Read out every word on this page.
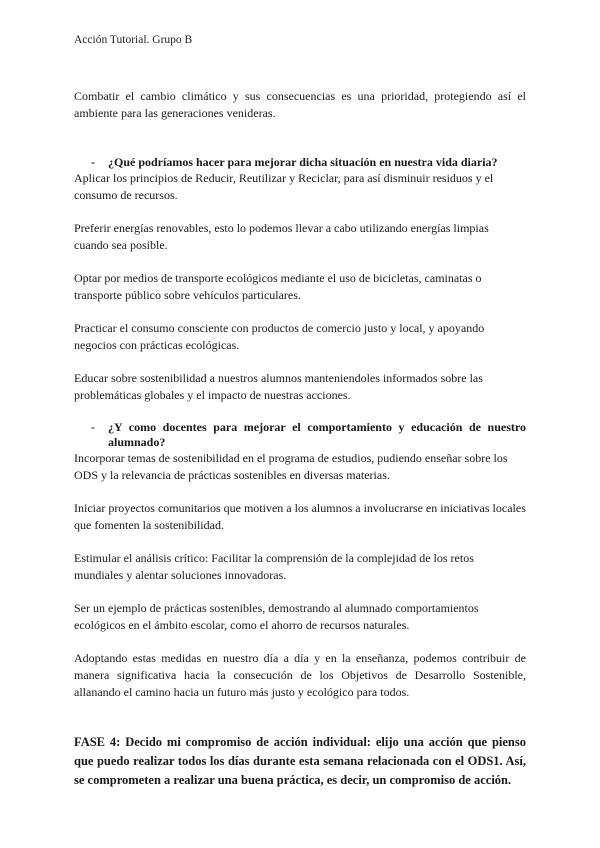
Acción Tutorial. Grupo B

Combatir el cambio climático y sus consecuencias es una prioridad, protegiendo así el ambiente para las generaciones venideras.

-	¿Qué podríamos hacer para mejorar dicha situación en nuestra vida diaria?

Aplicar los principios de Reducir, Reutilizar y Reciclar, para así disminuir residuos y el consumo de recursos.

Preferir energías renovables, esto lo podemos llevar a cabo utilizando energías limpias cuando sea posible.

Optar por medios de transporte ecológicos mediante el uso de bicicletas, caminatas o transporte público sobre vehículos particulares.

Practicar el consumo consciente con productos de comercio justo y local, y apoyando negocios con prácticas ecológicas.

Educar sobre sostenibilidad a nuestros alumnos manteniendoles informados sobre las problemáticas globales y el impacto de nuestras acciones.

-	¿Y como docentes para mejorar el comportamiento y educación de nuestro alumnado?

Incorporar temas de sostenibilidad en el programa de estudios, pudiendo enseñar sobre los ODS y la relevancia de prácticas sostenibles en diversas materias.

Iniciar proyectos comunitarios que motiven a los alumnos a involucrarse en iniciativas locales que fomenten la sostenibilidad.

Estimular el análisis crítico: Facilitar la comprensión de la complejidad de los retos mundiales y alentar soluciones innovadoras.

Ser un ejemplo de prácticas sostenibles, demostrando al alumnado comportamientos ecológicos en el ámbito escolar, como el ahorro de recursos naturales.

Adoptando estas medidas en nuestro día a día y en la enseñanza, podemos contribuir de manera significativa hacia la consecución de los Objetivos de Desarrollo Sostenible, allanando el camino hacia un futuro más justo y ecológico para todos.

FASE 4: Decido mi compromiso de acción individual: elijo una acción que pienso que puedo realizar todos los días durante esta semana relacionada con el ODS1. Así, se comprometen a realizar una buena práctica, es decir, un compromiso de acción.
